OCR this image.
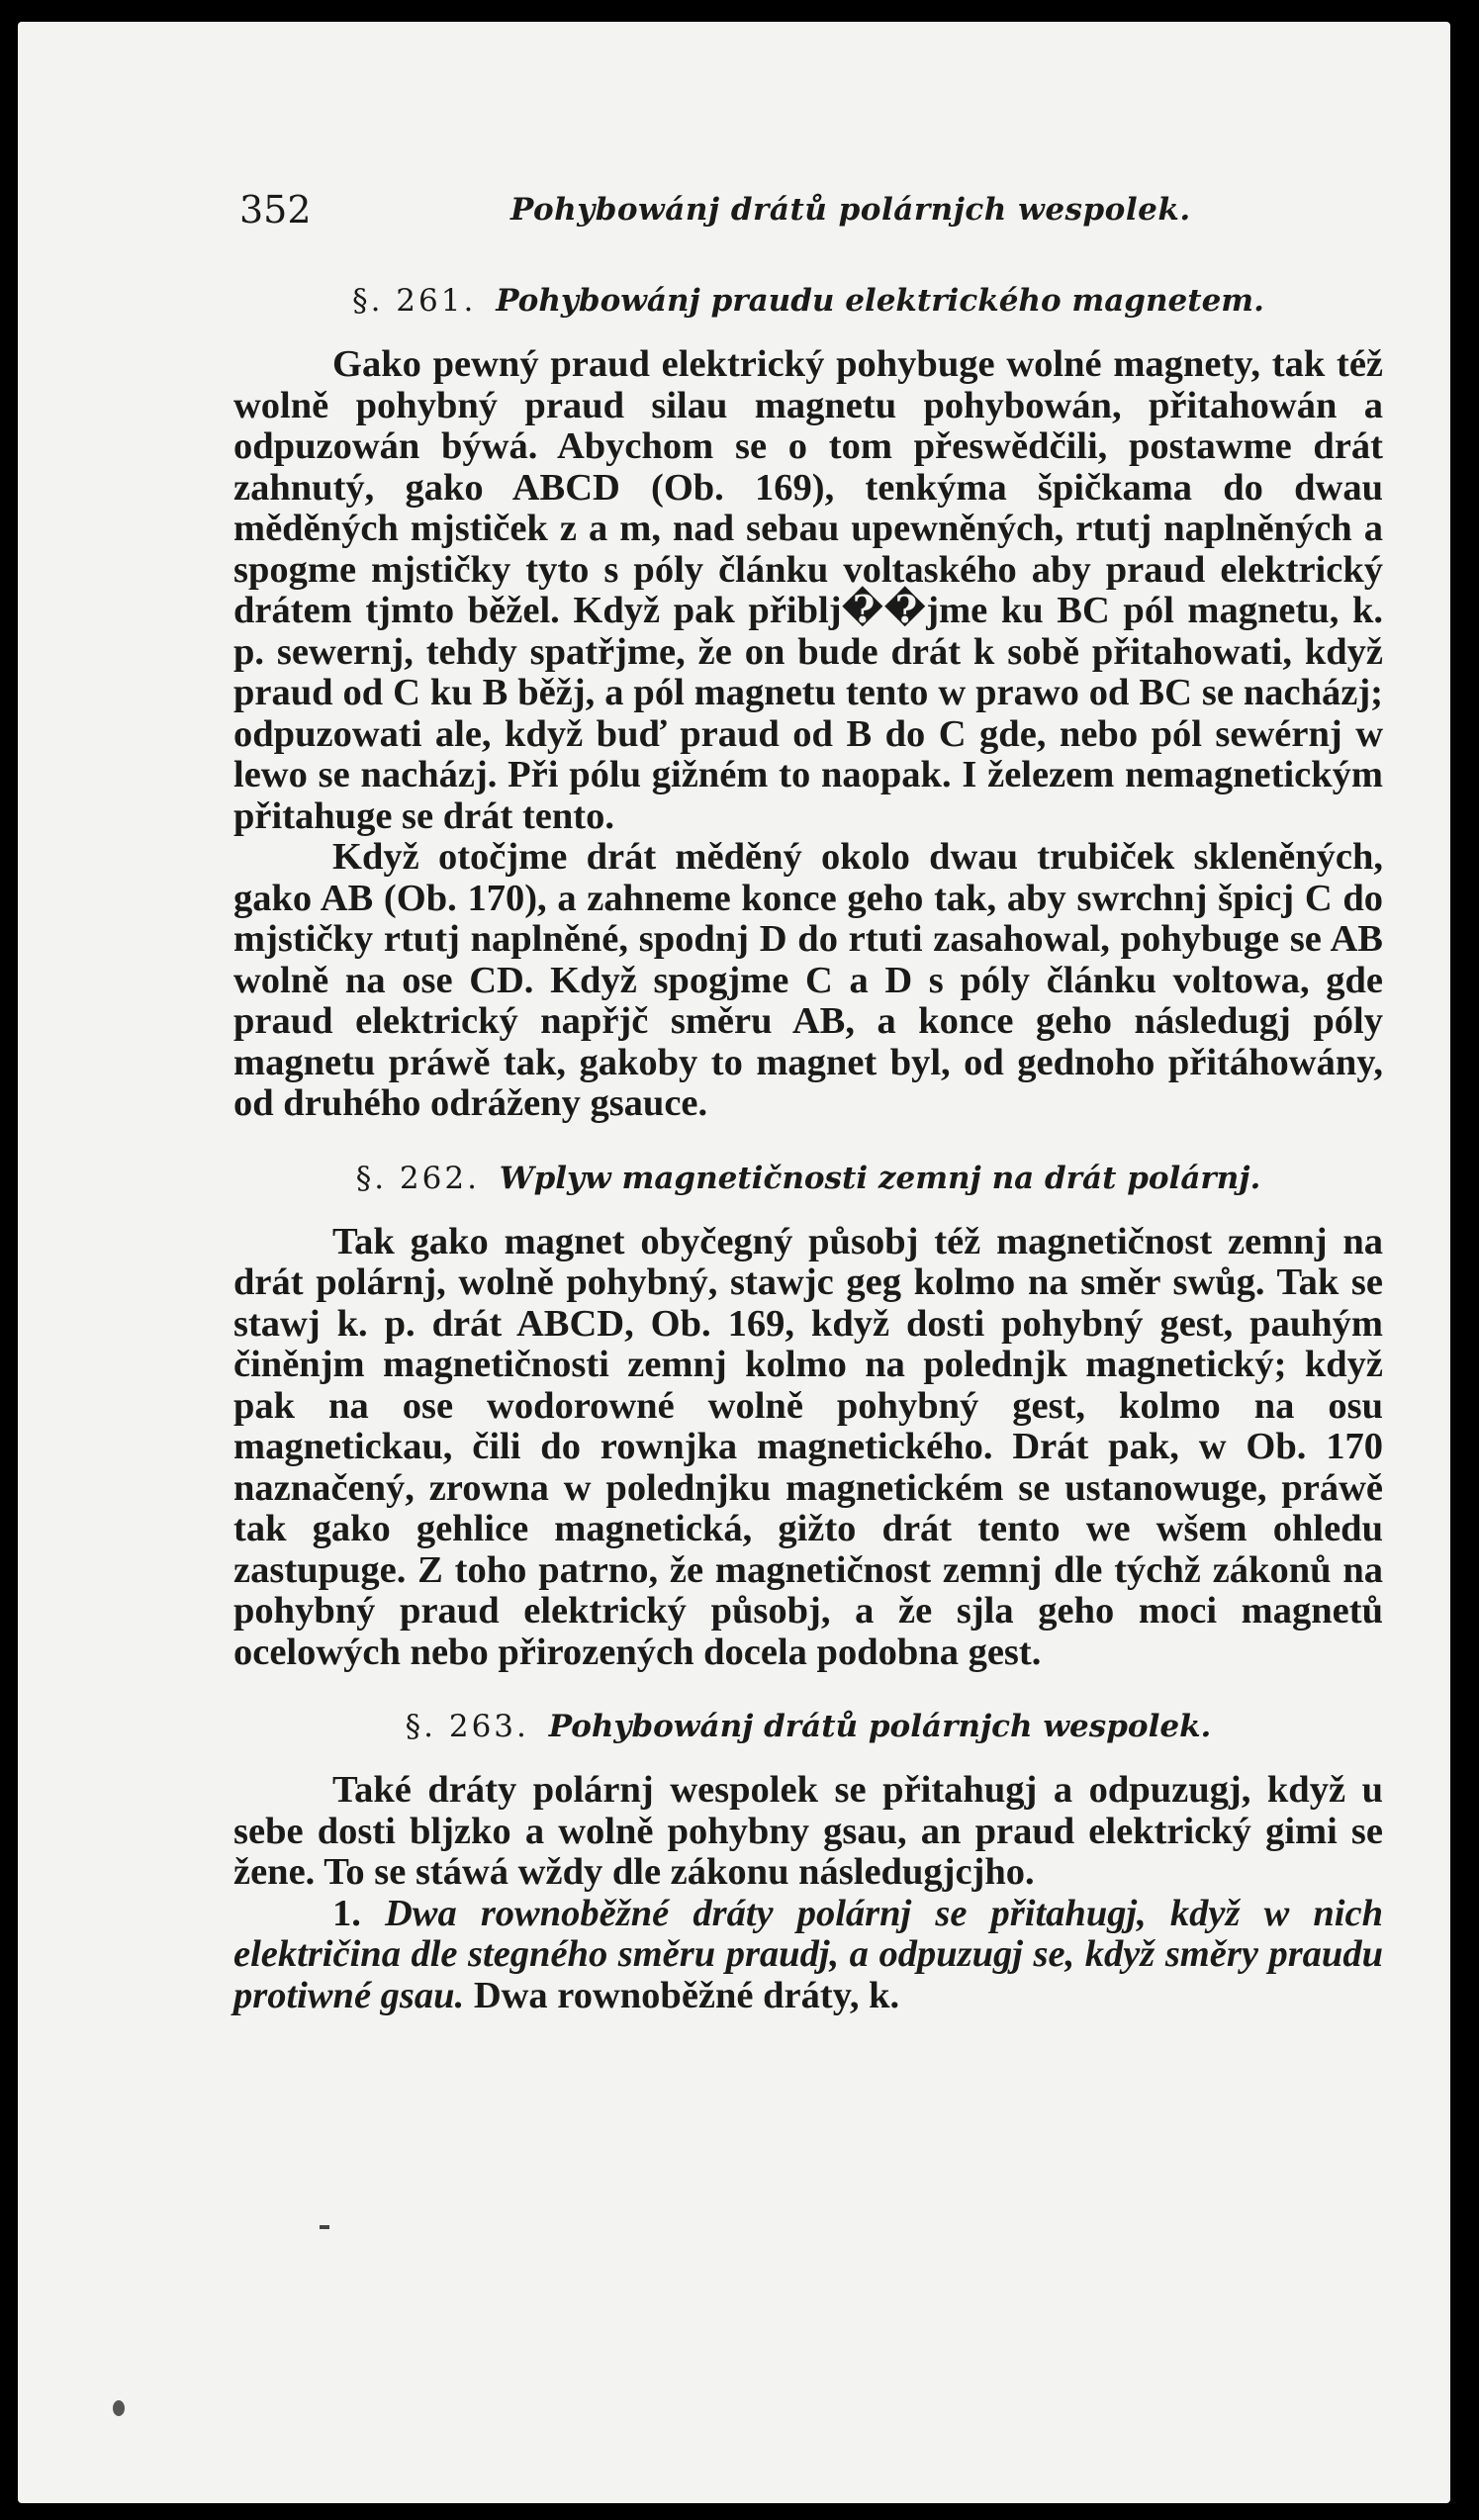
352	Pohybowánj drátů polárnjch wespolek.
§. 261. Pohybowánj praudu elektrického magnetem.

Gako pewný praud elektrický pohybuge wolné magnety, tak též wolně pohybný praud silau magnetu pohybowán, přitahowán a odpuzowán býwá. Abychom se o tom přeswědčili, postawme drát zahnutý, gako ABCD (Ob. 169), tenkýma špičkama do dwau měděných mjstiček z a m, nad sebau upewněných, rtutj naplněných a spogme mjstičky tyto s póly článku voltaského aby praud elektrický drátem tjmto běžel. Když pak přiblj��jme ku BC pól magnetu, k. p. sewernj, tehdy spatřjme, že on bude drát k sobě přitahowati, když praud od C ku B běžj, a pól magnetu tento w prawo od BC se nacházj; odpuzowati ale, když buď praud od B do C gde, nebo pól sewérnj w lewo se nacházj. Při pólu gižném to naopak. I železem nemagnetickým přitahuge se drát tento.

Když otočjme drát měděný okolo dwau trubiček skleněných, gako AB (Ob. 170), a zahneme konce geho tak, aby swrchnj špicj C do mjstičky rtutj naplněné, spodnj D do rtuti zasahowal, pohybuge se AB wolně na ose CD. Když spogjme C a D s póly článku voltowa, gde praud elektrický napřjč směru AB, a konce geho následugj póly magnetu práwě tak, gakoby to magnet byl, od gednoho přitáhowány, od druhého odráženy gsauce.

§. 262. Wplyw magnetičnosti zemnj na drát polárnj.

Tak gako magnet obyčegný působj též magnetičnost zemnj na drát polárnj, wolně pohybný, stawjc geg kolmo na směr swůg. Tak se stawj k. p. drát ABCD, Ob. 169, když dosti pohybný gest, pauhým činěnjm magnetičnosti zemnj kolmo na polednjk magnetický; když pak na ose wodorowné wolně pohybný gest, kolmo na osu magnetickau, čili do rownjka magnetického. Drát pak, w Ob. 170 naznačený, zrowna w polednjku magnetickém se ustanowuge, práwě tak gako gehlice magnetická, gižto drát tento we wšem ohledu zastupuge. Z toho patrno, že magnetičnost zemnj dle týchž zákonů na pohybný praud elektrický působj, a že sjla geho moci magnetů ocelowých nebo přirozených docela podobna gest.

§. 263. Pohybowánj drátů polárnjch wespolek.

Také dráty polárnj wespolek se přitahugj a odpuzugj, když u sebe dosti bljzko a wolně pohybny gsau, an praud elektrický gimi se žene. To se stáwá wždy dle zákonu následugjcjho.

1. Dwa rownoběžné dráty polárnj se přitahugj, když w nich električina dle stegného směru praudj, a odpuzugj se, když směry praudu protiwné gsau. Dwa rownoběžné dráty, k.
